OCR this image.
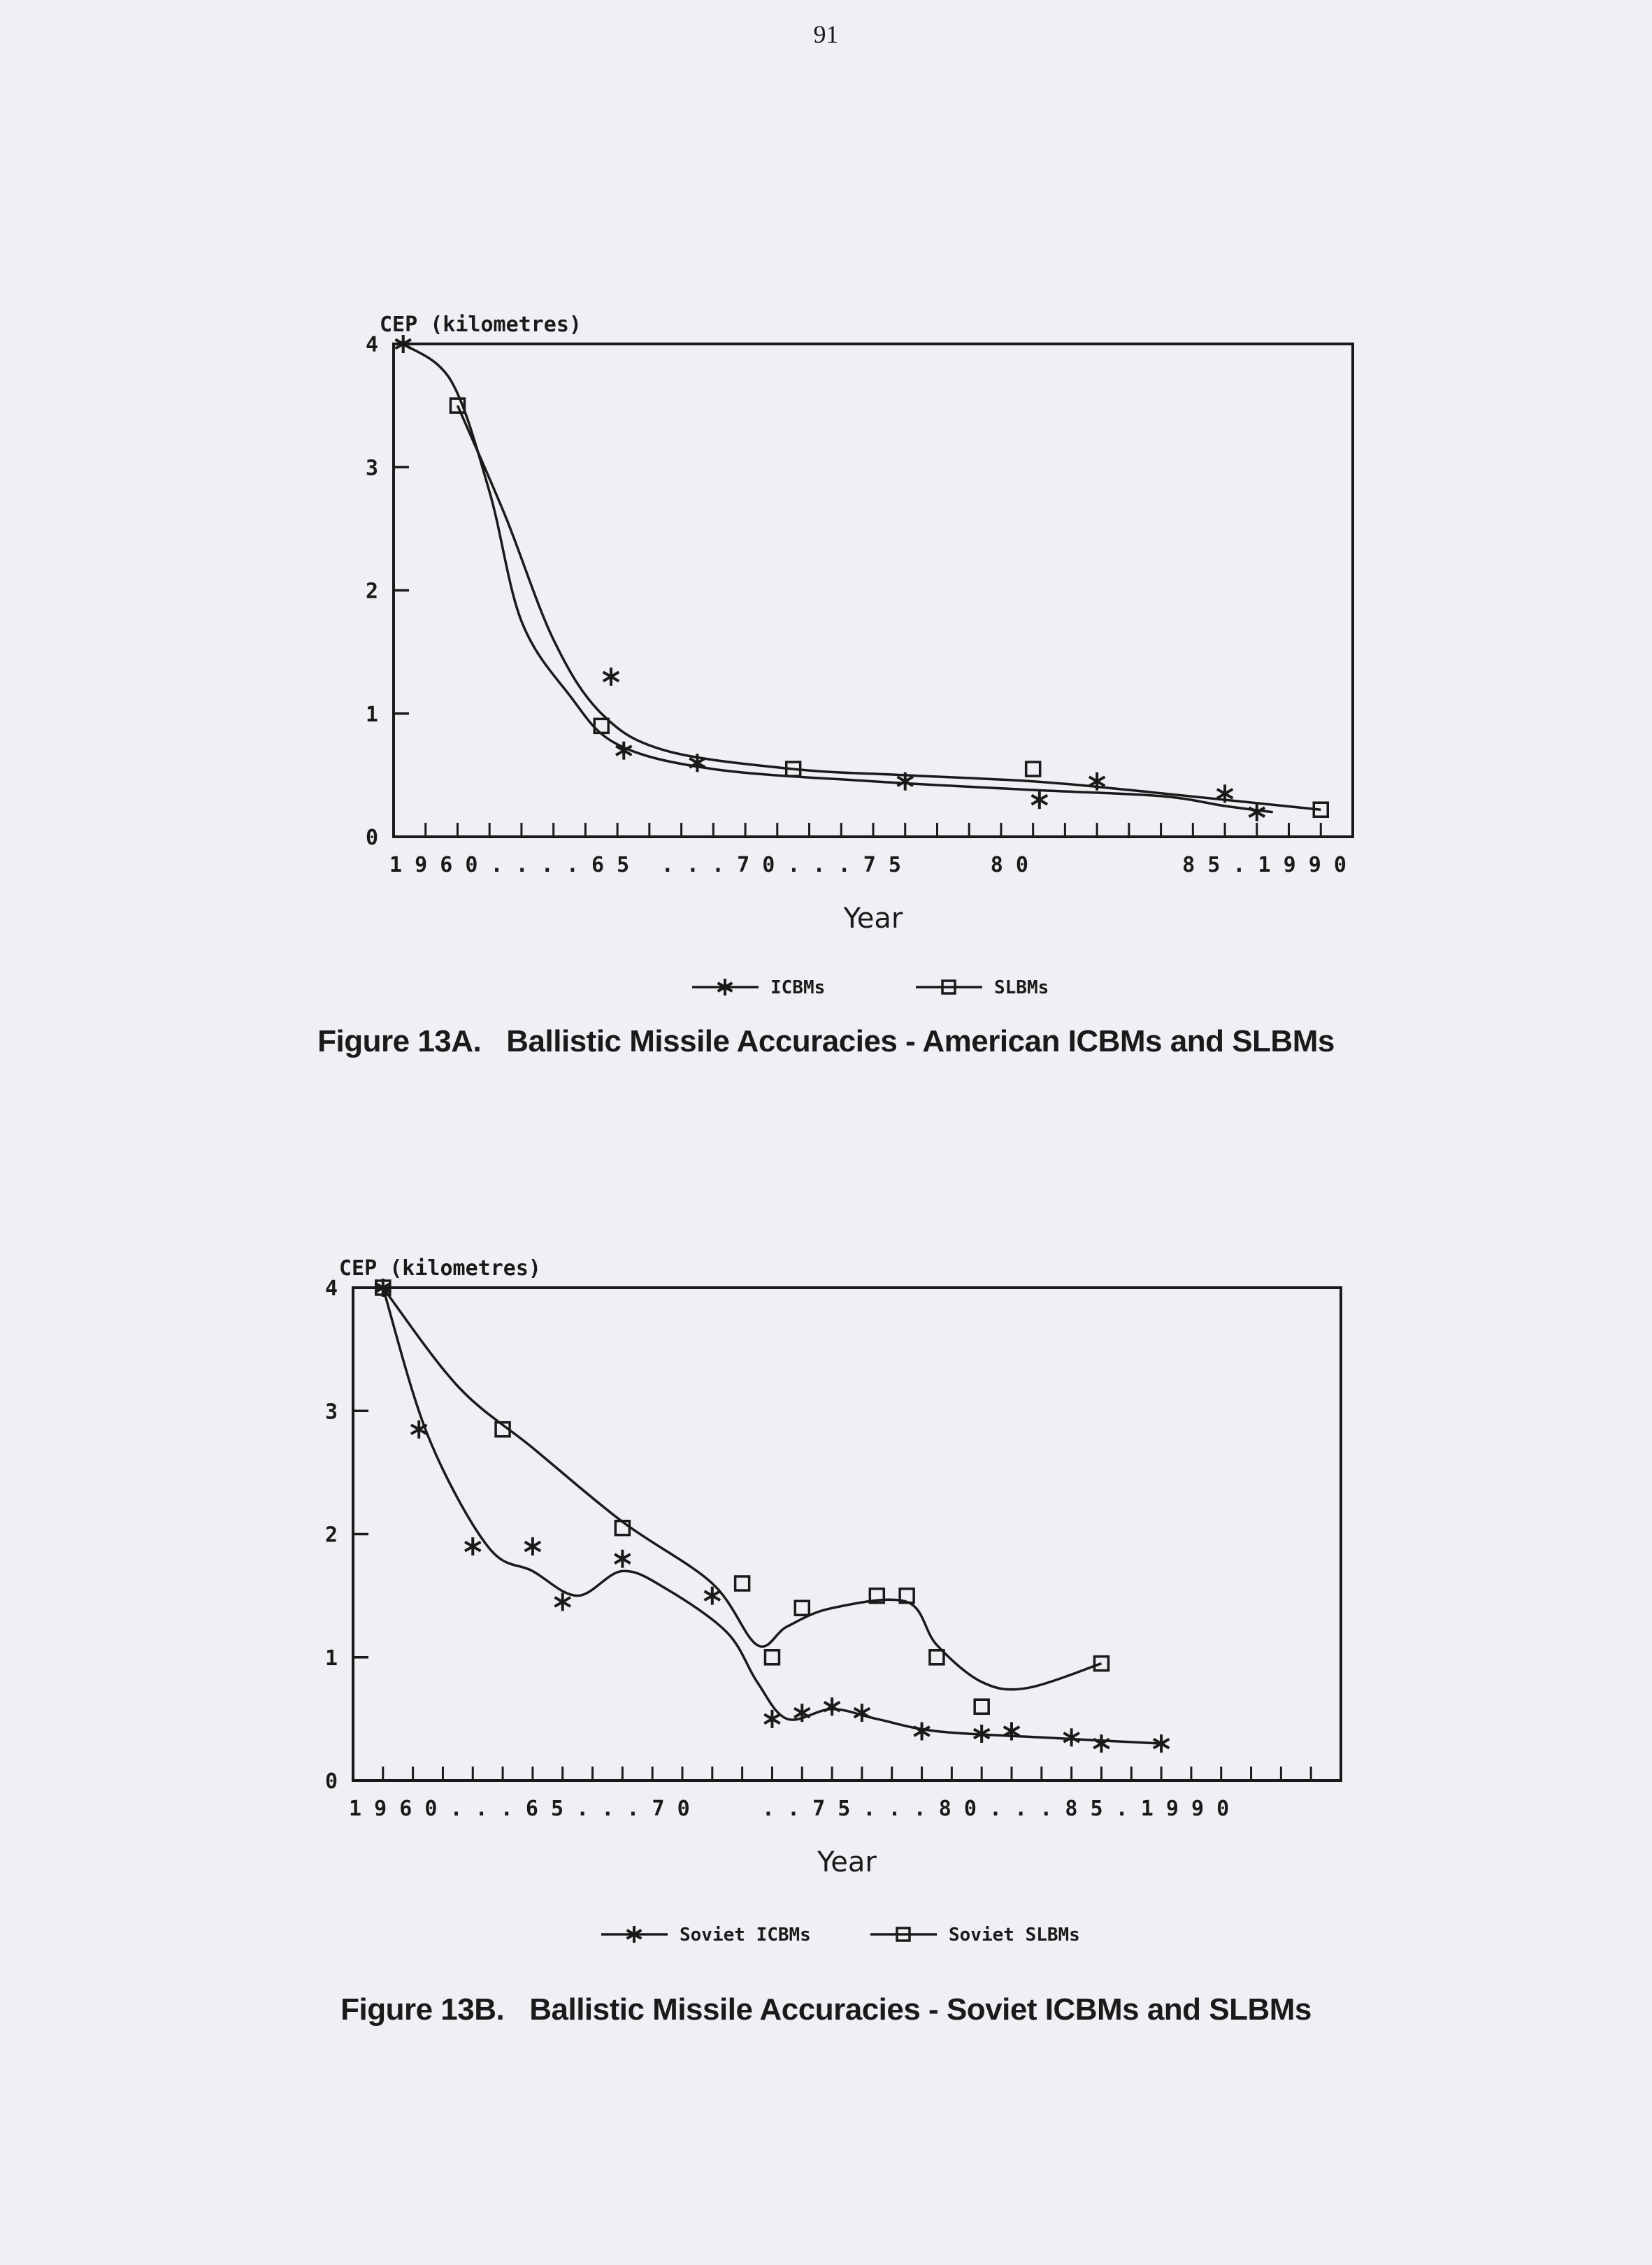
91
CEP (kilometres)
0
1
2
3
4
1 9 6 0 . . . . 6 5 . . . 7 0 . . . 7 5	8 0	8 5 . 1 9 9 0
Year
ICBMs	SLBMs
Figure 13A. Ballistic Missile Accuracies - American ICBMs and SLBMs
CEP (kilometres)
0
1
2
3
4
1 9 6 0 . . . 6 5 . . . 7 0	. . 7 5 . . . 8 0 . . . 8 5 . 1 9 9 0
Year
Soviet ICBMs	Soviet SLBMs
Figure 13B. Ballistic Missile Accuracies - Soviet ICBMs and SLBMs
